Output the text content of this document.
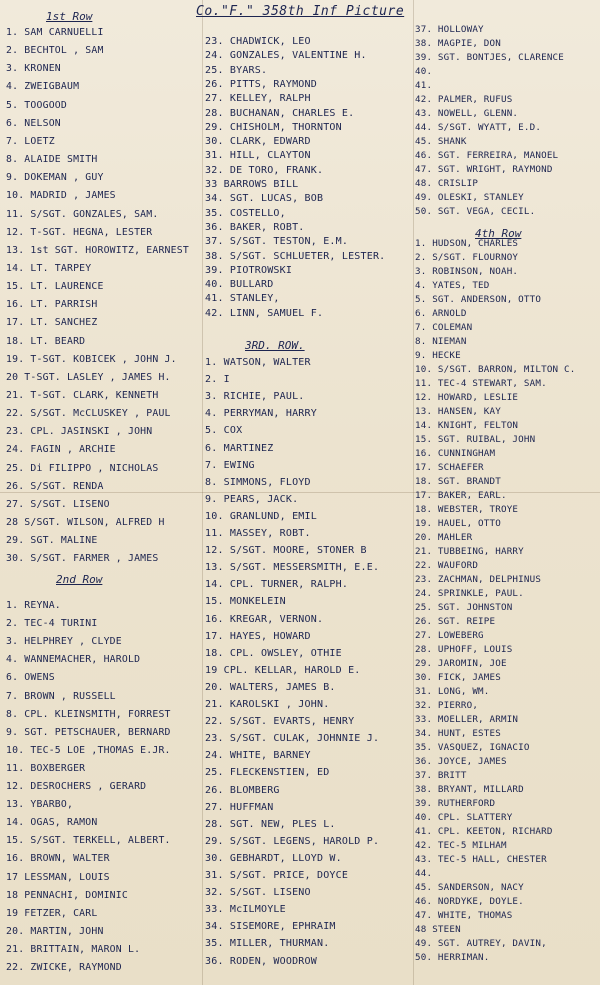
Co."F." 358th Inf Picture
1st Row
1. SAM CARNUELLI
2. BECHTOL , SAM
3. KRONEN
4. ZWEIGBAUM
5. TOOGOOD
6. NELSON
7. LOETZ
8. ALAIDE SMITH
9. DOKEMAN , GUY
10. MADRID , JAMES
11. S/SGT. GONZALES, SAM.
12. T-SGT. HEGNA, LESTER
13. 1st SGT. HOROWITZ, EARNEST
14. LT. TARPEY
15. LT. LAURENCE
16. LT. PARRISH
17. LT. SANCHEZ
18. LT. BEARD
19. T-SGT. KOBICEK , JOHN J.
20 T-SGT. LASLEY , JAMES H.
21. T-SGT. CLARK, KENNETH
22. S/SGT. McCLUSKEY , PAUL
23. CPL. JASINSKI , JOHN
24. FAGIN , ARCHIE
25. Di FILIPPO , NICHOLAS
26. S/SGT. RENDA
27. S/SGT. LISENO
28 S/SGT. WILSON, ALFRED H
29. SGT. MALINE
30. S/SGT. FARMER , JAMES
2nd Row
1. REYNA.
2. TEC-4 TURINI
3. HELPHREY , CLYDE
4. WANNEMACHER, HAROLD
6. OWENS
7. BROWN , RUSSELL
8. CPL. KLEINSMITH, FORREST
9. SGT. PETSCHAUER, BERNARD
10. TEC-5 LOE ,THOMAS E.JR.
11. BOXBERGER
12. DESROCHERS , GERARD
13. YBARBO,
14. OGAS, RAMON
15. S/SGT. TERKELL, ALBERT.
16. BROWN, WALTER
17 LESSMAN, LOUIS
18 PENNACHI, DOMINIC
19 FETZER, CARL
20. MARTIN, JOHN
21. BRITTAIN, MARON L.
22. ZWICKE, RAYMOND
23. CHADWICK, LEO
24. GONZALES, VALENTINE H.
25. BYARS.
26. PITTS, RAYMOND
27. KELLEY, RALPH
28. BUCHANAN, CHARLES E.
29. CHISHOLM, THORNTON
30. CLARK, EDWARD
31. HILL, CLAYTON
32. DE TORO, FRANK.
33 BARROWS BILL
34. SGT. LUCAS, BOB
35. COSTELLO,
36. BAKER, ROBT.
37. S/SGT. TESTON, E.M.
38. S/SGT. SCHLUETER, LESTER.
39. PIOTROWSKI
40. BULLARD
41. STANLEY,
42. LINN, SAMUEL F.
3RD. ROW.
1. WATSON, WALTER
2. I
3. RICHIE, PAUL.
4. PERRYMAN, HARRY
5. COX
6. MARTINEZ
7. EWING
8. SIMMONS, FLOYD
9. PEARS, JACK.
10. GRANLUND, EMIL
11. MASSEY, ROBT.
12. S/SGT. MOORE, STONER B
13. S/SGT. MESSERSMITH, E.E.
14. CPL. TURNER, RALPH.
15. MONKELEIN
16. KREGAR, VERNON.
17. HAYES, HOWARD
18. CPL. OWSLEY, OTHIE
19 CPL. KELLAR, HAROLD E.
20. WALTERS, JAMES B.
21. KAROLSKI , JOHN.
22. S/SGT. EVARTS, HENRY
23. S/SGT. CULAK, JOHNNIE J.
24. WHITE, BARNEY
25. FLECKENSTIEN, ED
26. BLOMBERG
27. HUFFMAN
28. SGT. NEW, PLES L.
29. S/SGT. LEGENS, HAROLD P.
30. GEBHARDT, LLOYD W.
31. S/SGT. PRICE, DOYCE
32. S/SGT. LISENO
33. McILMOYLE
34. SISEMORE, EPHRAIM
35. MILLER, THURMAN.
36. RODEN, WOODROW
37. HOLLOWAY
38. MAGPIE, DON
39. SGT. BONTJES, CLARENCE
40.
41.
42. PALMER, RUFUS
43. NOWELL, GLENN.
44. S/SGT. WYATT, E.D.
45. SHANK
46. SGT. FERREIRA, MANOEL
47. SGT. WRIGHT, RAYMOND
48. CRISLIP
49. OLESKI, STANLEY
50. SGT. VEGA, CECIL.
4th Row
1. HUDSON, CHARLES
2. S/SGT. FLOURNOY
3. ROBINSON, NOAH.
4. YATES, TED
5. SGT. ANDERSON, OTTO
6. ARNOLD
7. COLEMAN
8. NIEMAN
9. HECKE
10. S/SGT. BARRON, MILTON C.
11. TEC-4 STEWART, SAM.
12. HOWARD, LESLIE
13. HANSEN, KAY
14. KNIGHT, FELTON
15. SGT. RUIBAL, JOHN
16. CUNNINGHAM
17. SCHAEFER
18. SGT. BRANDT
17. BAKER, EARL.
18. WEBSTER, TROYE
19. HAUEL, OTTO
20. MAHLER
21. TUBBEING, HARRY
22. WAUFORD
23. ZACHMAN, DELPHINUS
24. SPRINKLE, PAUL.
25. SGT. JOHNSTON
26. SGT. REIPE
27. LOWEBERG
28. UPHOFF, LOUIS
29. JAROMIN, JOE
30. FICK, JAMES
31. LONG, WM.
32. PIERRO,
33. MOELLER, ARMIN
34. HUNT, ESTES
35. VASQUEZ, IGNACIO
36. JOYCE, JAMES
37. BRITT
38. BRYANT, MILLARD
39. RUTHERFORD
40. CPL. SLATTERY
41. CPL. KEETON, RICHARD
42. TEC-5 MILHAM
43. TEC-5 HALL, CHESTER
44.
45. SANDERSON, NACY
46. NORDYKE, DOYLE.
47. WHITE, THOMAS
48 STEEN
49. SGT. AUTREY, DAVIN,
50. HERRIMAN.
